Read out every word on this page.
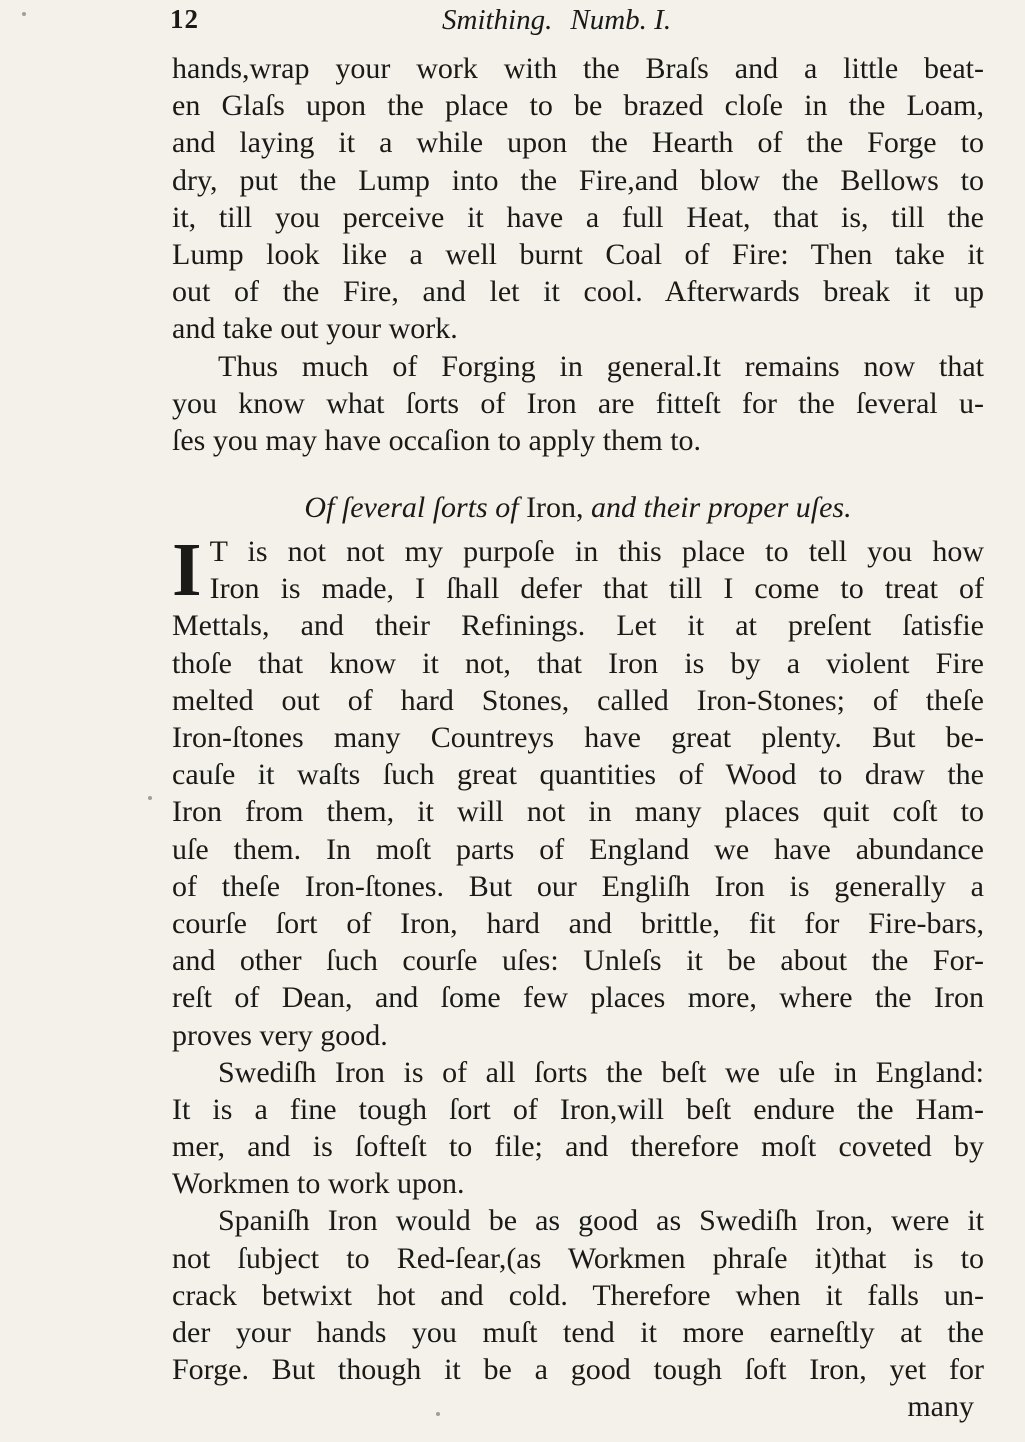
12	Smithing. Numb. I.
hands,wrap your work with the Braſs and a little beat-
en Glaſs upon the place to be brazed cloſe in the Loam,
and laying it a while upon the Hearth of the Forge to
dry, put the Lump into the Fire,and blow the Bellows to
it, till you perceive it have a full Heat, that is, till the
Lump look like a well burnt Coal of Fire: Then take it
out of the Fire, and let it cool. Afterwards break it up
and take out your work.
Thus much of Forging in general.It remains now that
you know what ſorts of Iron are fitteſt for the ſeveral u-
ſes you may have occaſion to apply them to.
Of ſeveral ſorts of Iron, and their proper uſes.
I T is not not my purpoſe in this place to tell you how
Iron is made, I ſhall defer that till I come to treat of
Mettals, and their Refinings. Let it at preſent ſatisfie
thoſe that know it not, that Iron is by a violent Fire
melted out of hard Stones, called Iron-Stones; of theſe
Iron-ſtones many Countreys have great plenty. But be-
cauſe it waſts ſuch great quantities of Wood to draw the
Iron from them, it will not in many places quit coſt to
uſe them. In moſt parts of England we have abundance
of theſe Iron-ſtones. But our Engliſh Iron is generally a
courſe ſort of Iron, hard and brittle, fit for Fire-bars,
and other ſuch courſe uſes: Unleſs it be about the For-
reſt of Dean, and ſome few places more, where the Iron
proves very good.
Swediſh Iron is of all ſorts the beſt we uſe in England:
It is a fine tough ſort of Iron,will beſt endure the Ham-
mer, and is ſofteſt to file; and therefore moſt coveted by
Workmen to work upon.
Spaniſh Iron would be as good as Swediſh Iron, were it
not ſubject to Red-ſear,(as Workmen phraſe it)that is to
crack betwixt hot and cold. Therefore when it falls un-
der your hands you muſt tend it more earneſtly at the
Forge. But though it be a good tough ſoft Iron, yet for
many
